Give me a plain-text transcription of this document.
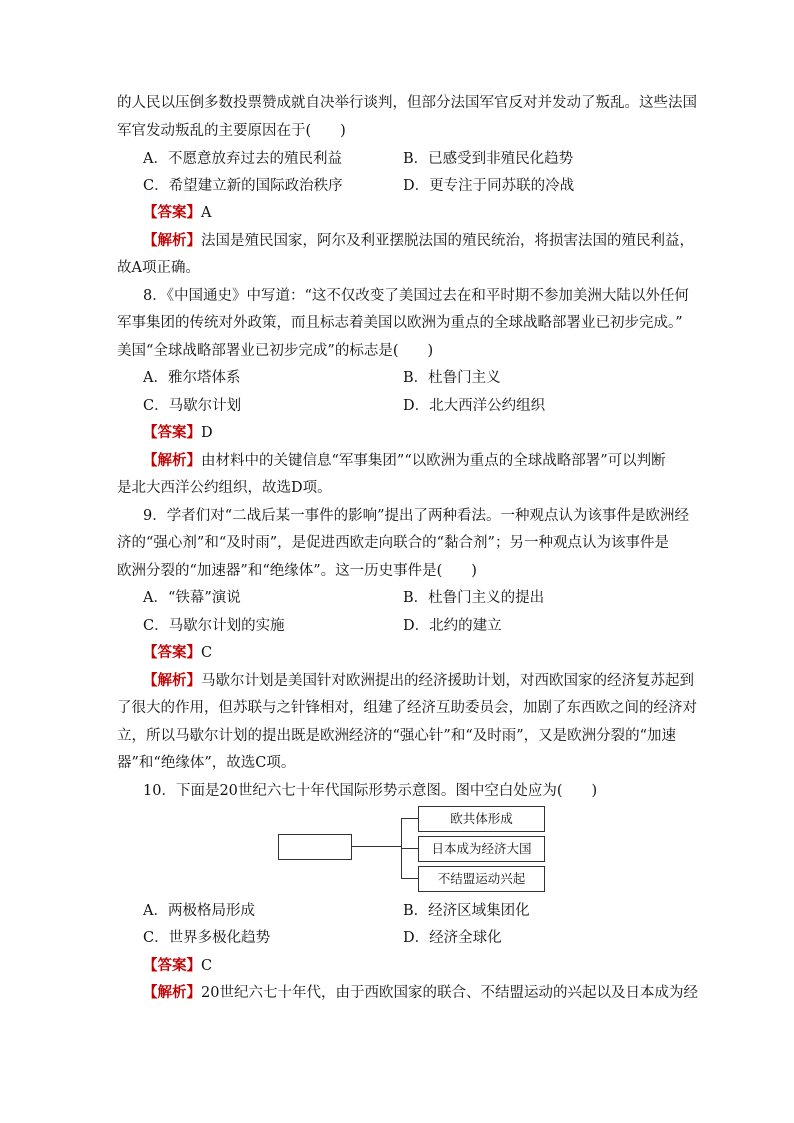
的人民以压倒多数投票赞成就自决举行谈判，但部分法国军官反对并发动了叛乱。这些法国
军官发动叛乱的主要原因在于(　　)
A．不愿意放弃过去的殖民利益	B．已感受到非殖民化趋势
C．希望建立新的国际政治秩序	D．更专注于同苏联的冷战
【答案】A
【解析】法国是殖民国家，阿尔及利亚摆脱法国的殖民统治，将损害法国的殖民利益，
故A项正确。
8．《中国通史》中写道：“这不仅改变了美国过去在和平时期不参加美洲大陆以外任何
军事集团的传统对外政策，而且标志着美国以欧洲为重点的全球战略部署业已初步完成。”
美国“全球战略部署业已初步完成”的标志是(　　)
A．雅尔塔体系	B．杜鲁门主义
C．马歇尔计划	D．北大西洋公约组织
【答案】D
【解析】由材料中的关键信息“军事集团”“以欧洲为重点的全球战略部署”可以判断
是北大西洋公约组织，故选D项。
9．学者们对“二战后某一事件的影响”提出了两种看法。一种观点认为该事件是欧洲经
济的“强心剂”和“及时雨”，是促进西欧走向联合的“黏合剂”；另一种观点认为该事件是
欧洲分裂的“加速器”和“绝缘体”。这一历史事件是(　　)
A．“铁幕”演说	B．杜鲁门主义的提出
C．马歇尔计划的实施	D．北约的建立
【答案】C
【解析】马歇尔计划是美国针对欧洲提出的经济援助计划，对西欧国家的经济复苏起到
了很大的作用，但苏联与之针锋相对，组建了经济互助委员会，加剧了东西欧之间的经济对
立，所以马歇尔计划的提出既是欧洲经济的“强心针”和“及时雨”，又是欧洲分裂的“加速
器”和“绝缘体”，故选C项。
10．下面是20世纪六七十年代国际形势示意图。图中空白处应为(　　)
欧共体形成
日本成为经济大国
不结盟运动兴起
A．两极格局形成	B．经济区域集团化
C．世界多极化趋势	D．经济全球化
【答案】C
【解析】20世纪六七十年代，由于西欧国家的联合、不结盟运动的兴起以及日本成为经
